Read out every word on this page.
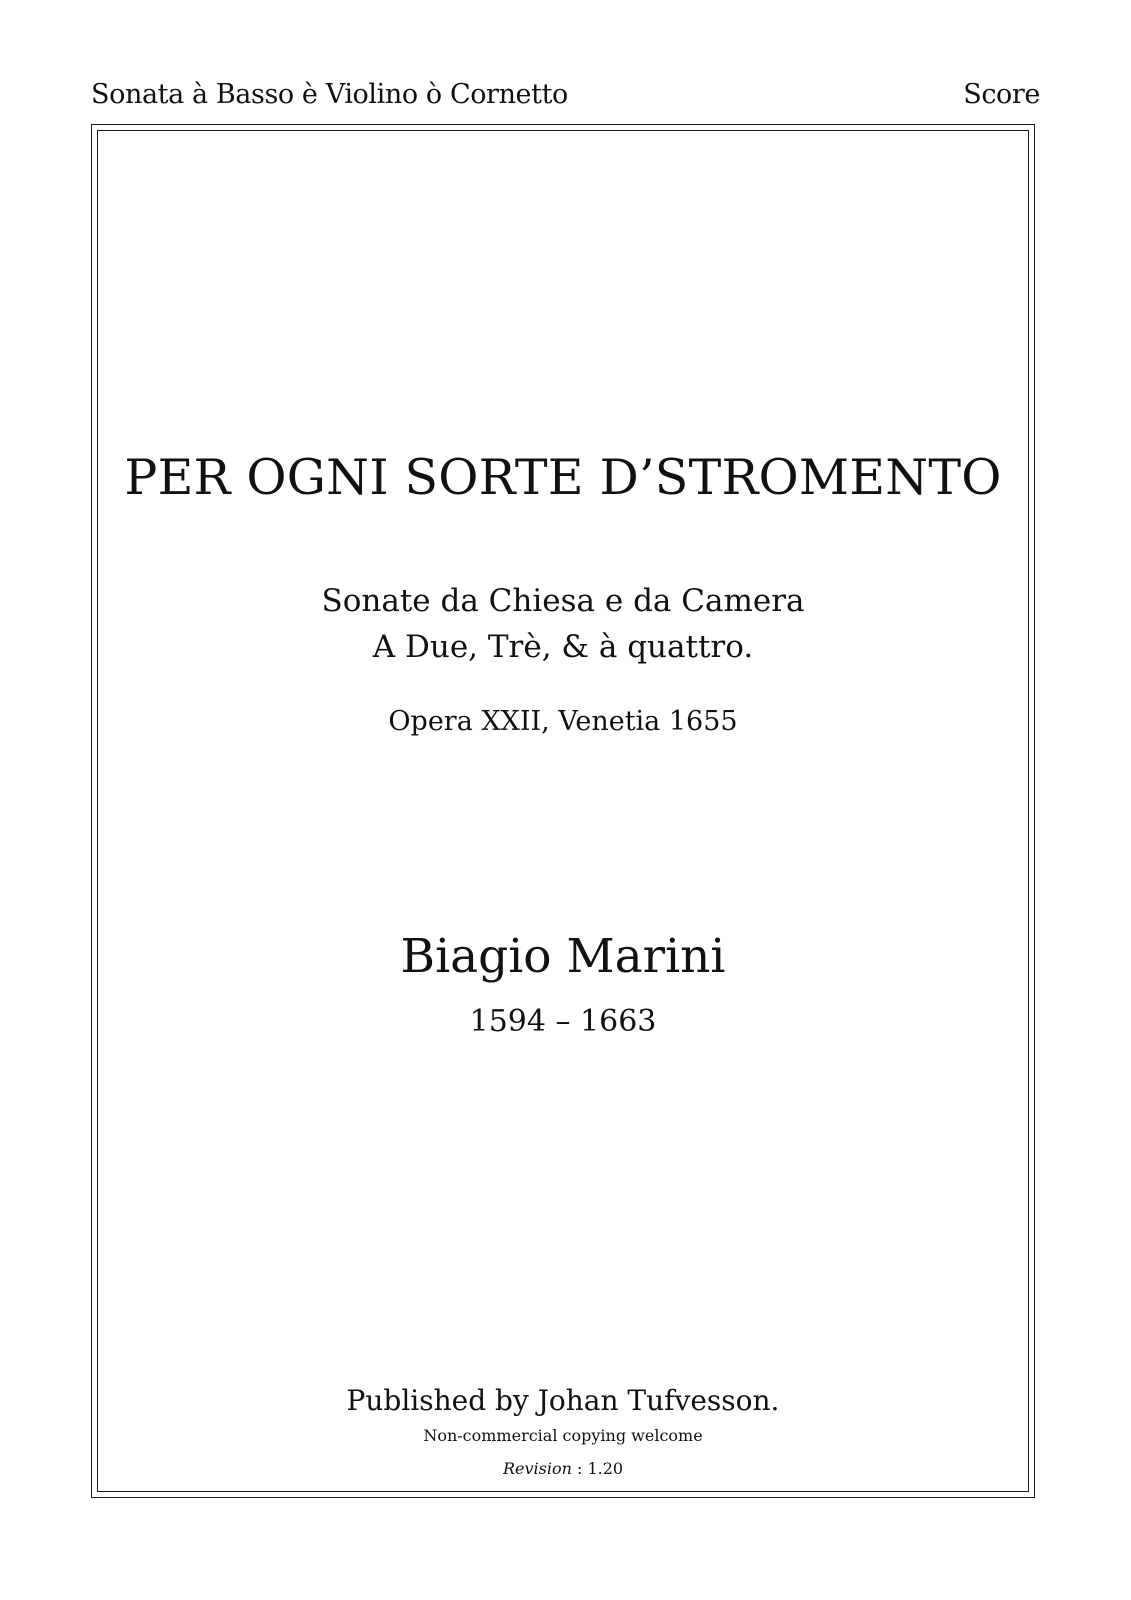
Sonata à Basso è Violino ò Cornetto	Score
PER OGNI SORTE D’STROMENTO
Sonate da Chiesa e da Camera
A Due, Trè, & à quattro.
Opera XXII, Venetia 1655
Biagio Marini
1594 – 1663
Published by Johan Tufvesson.
Non-commercial copying welcome
Revision : 1.20
